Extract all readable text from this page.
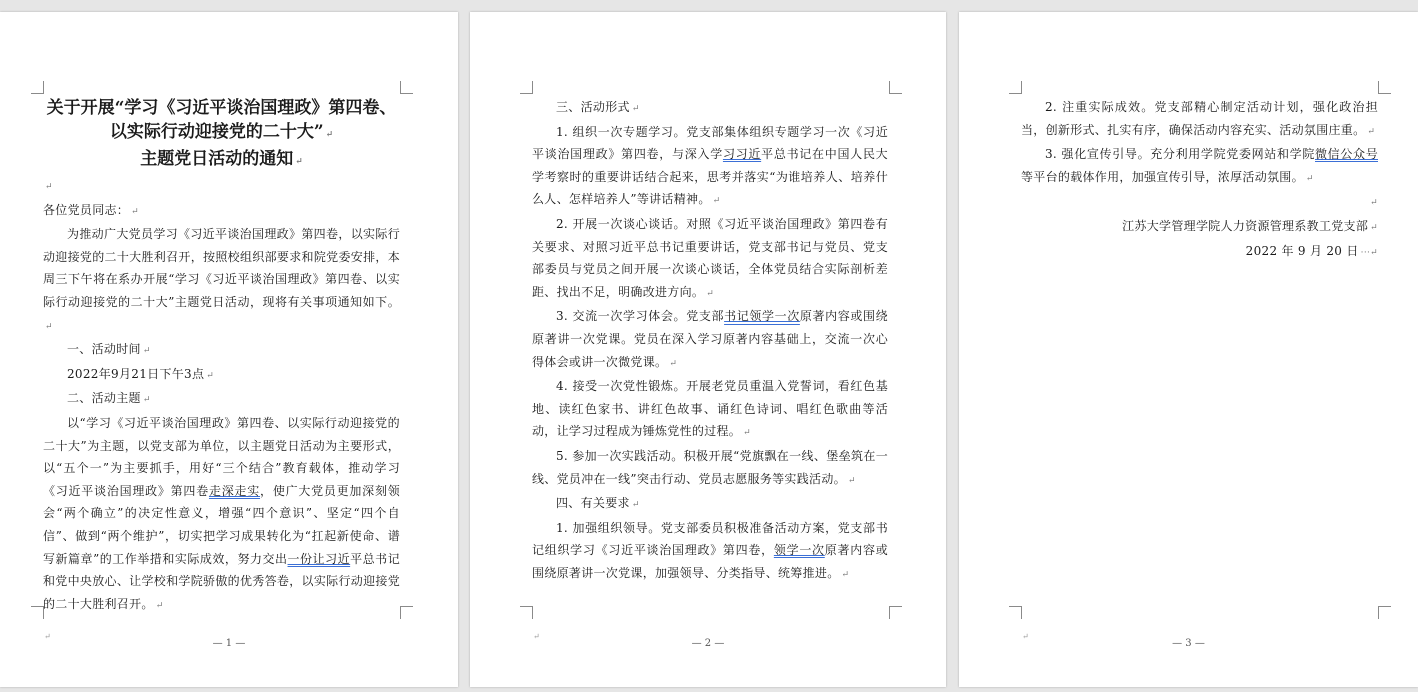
关于开展“学习《习近平谈治国理政》第四卷、

以实际行动迎接党的二十大” ↵

主题党日活动的通知 ↵

↵

各位党员同志： ↵

为推动广大党员学习《习近平谈治国理政》第四卷，以实际行动迎接党的二十大胜利召开，按照校组织部要求和院党委安排，本周三下午将在系办开展“学习《习近平谈治国理政》第四卷、以实际行动迎接党的二十大”主题党日活动，现将有关事项通知如下。↵

一、活动时间 ↵

2022年9月21日下午3点 ↵

二、活动主题 ↵

以“学习《习近平谈治国理政》第四卷、以实际行动迎接党的二十大”为主题，以党支部为单位，以主题党日活动为主要形式，以“五个一”为主要抓手，用好“三个结合”教育载体，推动学习《习近平谈治国理政》第四卷走深走实，使广大党员更加深刻领会“两个确立”的决定性意义，增强“四个意识”、坚定“四个自信”、做到“两个维护”，切实把学习成果转化为“扛起新使命、谱写新篇章”的工作举措和实际成效，努力交出一份让习近平总书记和党中央放心、让学校和学院骄傲的优秀答卷，以实际行动迎接党的二十大胜利召开。 ↵

↵
— 1 —

三、活动形式 ↵

1. 组织一次专题学习。党支部集体组织专题学习一次《习近平谈治国理政》第四卷，与深入学习习近平总书记在中国人民大学考察时的重要讲话结合起来，思考并落实“为谁培养人、培养什么人、怎样培养人”等讲话精神。 ↵

2. 开展一次谈心谈话。对照《习近平谈治国理政》第四卷有关要求、对照习近平总书记重要讲话，党支部书记与党员、党支部委员与党员之间开展一次谈心谈话，全体党员结合实际剖析差距、找出不足，明确改进方向。 ↵

3. 交流一次学习体会。党支部书记领学一次原著内容或围绕原著讲一次党课。党员在深入学习原著内容基础上，交流一次心得体会或讲一次微党课。 ↵

4. 接受一次党性锻炼。开展老党员重温入党誓词，看红色基地、读红色家书、讲红色故事、诵红色诗词、唱红色歌曲等活动，让学习过程成为锤炼党性的过程。 ↵

5. 参加一次实践活动。积极开展“党旗飘在一线、堡垒筑在一线、党员冲在一线”突击行动、党员志愿服务等实践活动。 ↵

四、有关要求 ↵

1. 加强组织领导。党支部委员积极准备活动方案，党支部书记组织学习《习近平谈治国理政》第四卷，领学一次原著内容或围绕原著讲一次党课，加强领导、分类指导、统筹推进。 ↵

↵
— 2 —

2. 注重实际成效。党支部精心制定活动计划，强化政治担当，创新形式、扎实有序，确保活动内容充实、活动氛围庄重。 ↵

3. 强化宣传引导。充分利用学院党委网站和学院微信公众号等平台的载体作用，加强宣传引导，浓厚活动氛围。 ↵

↵

江苏大学管理学院人力资源管理系教工党支部 ↵

2022 年 9 月 20 日 ···↵

↵
— 3 —
